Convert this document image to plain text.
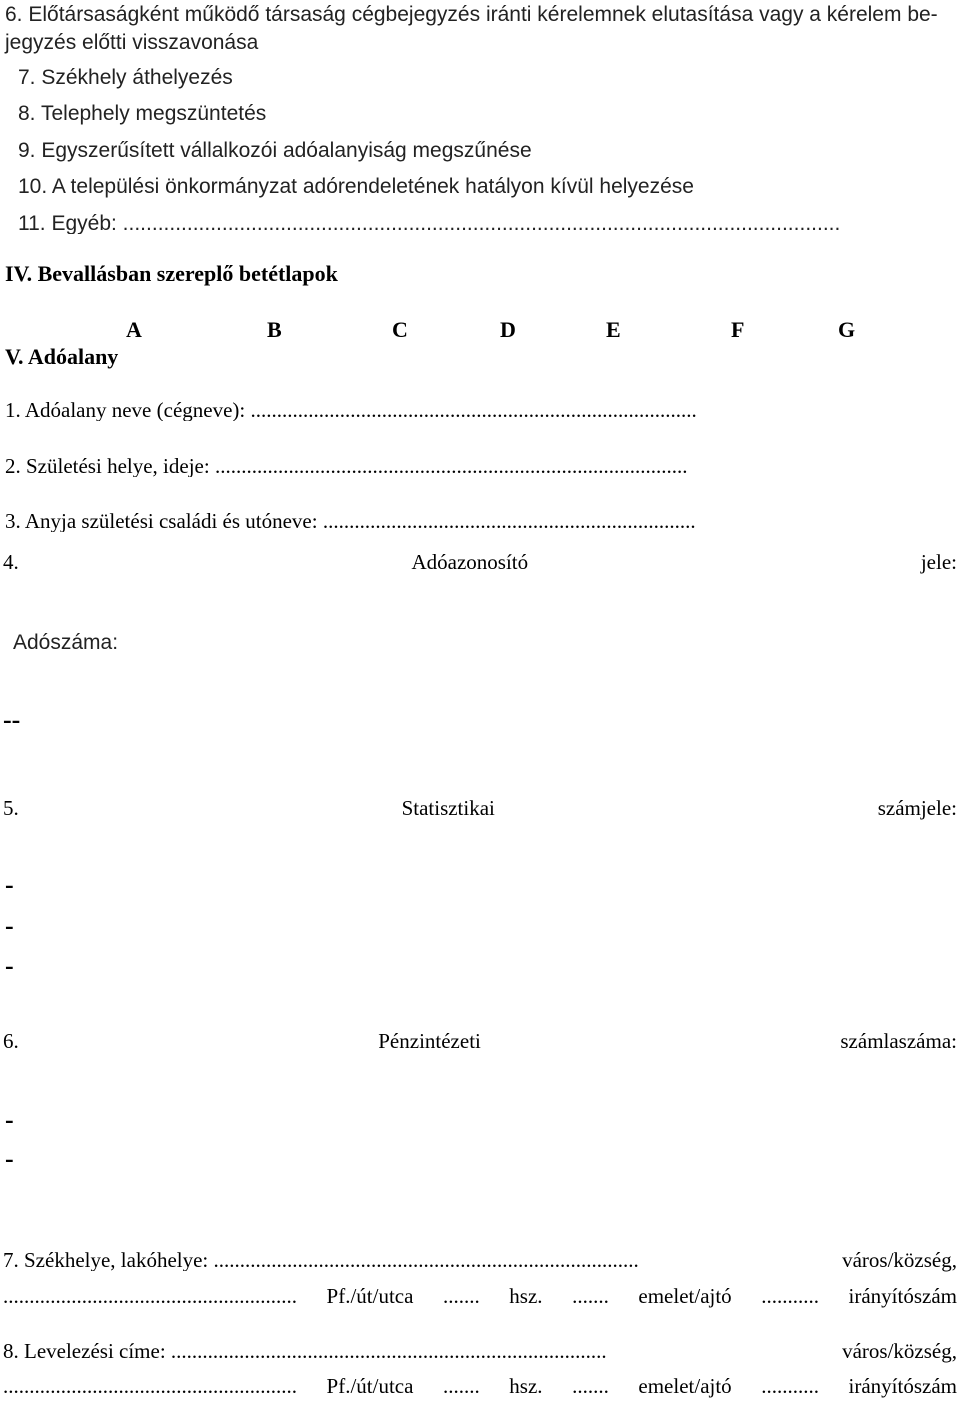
6. Előtársaságként működő társaság cégbejegyzés iránti kérelemnek elutasítása vagy a kérelem be-
jegyzés előtti visszavonása
7. Székhely áthelyezés
8. Telephely megszüntetés
9. Egyszerűsített vállalkozói adóalanyiság megszűnése
10. A települési önkormányzat adórendeletének hatályon kívül helyezése
11. Egyéb: ...........................................................................................................................
IV. Bevallásban szereplő betétlapok
A	B	C	D	E	F	G
V. Adóalany
1. Adóalany neve (cégneve): .....................................................................................
2. Születési helye, ideje: ..........................................................................................
3. Anyja születési családi és utóneve: .......................................................................
4.	Adóazonosító	jele:
Adószáma:
--
5.	Statisztikai	számjele:
-
-
-
6.	Pénzintézeti	számlaszáma:
-
-
7. Székhelye, lakóhelye: .................................................................................	város/község,
........................................................ Pf./út/utca ....... hsz. ....... emelet/ajtó ........... irányítószám
8. Levelezési címe: ...................................................................................	város/község,
........................................................ Pf./út/utca ....... hsz. ....... emelet/ajtó ........... irányítószám
